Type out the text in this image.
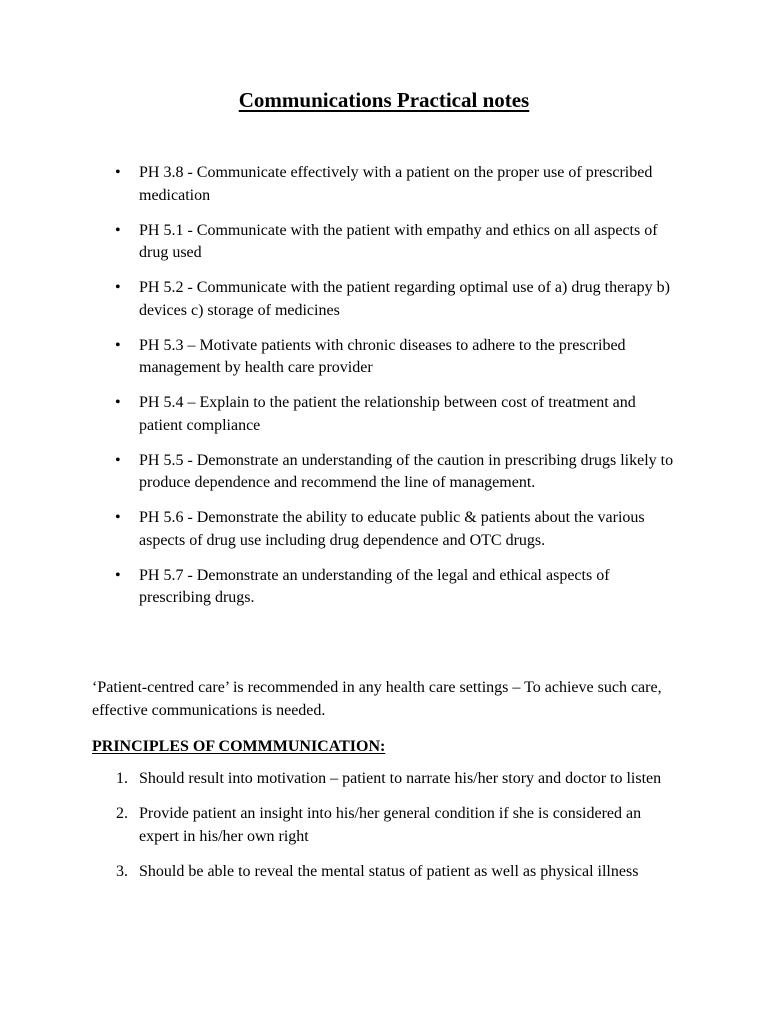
Communications Practical notes
• PH 3.8 - Communicate effectively with a patient on the proper use of prescribed medication
• PH 5.1 - Communicate with the patient with empathy and ethics on all aspects of drug used
• PH 5.2 - Communicate with the patient regarding optimal use of a) drug therapy b) devices c) storage of medicines
• PH 5.3 – Motivate patients with chronic diseases to adhere to the prescribed management by health care provider
• PH 5.4 – Explain to the patient the relationship between cost of treatment and patient compliance
• PH 5.5 - Demonstrate an understanding of the caution in prescribing drugs likely to produce dependence and recommend the line of management.
• PH 5.6 - Demonstrate the ability to educate public & patients about the various aspects of drug use including drug dependence and OTC drugs.
• PH 5.7 - Demonstrate an understanding of the legal and ethical aspects of prescribing drugs.

‘Patient-centred care’ is recommended in any health care settings – To achieve such care, effective communications is needed.

PRINCIPLES OF COMMMUNICATION:
1. Should result into motivation – patient to narrate his/her story and doctor to listen
2. Provide patient an insight into his/her general condition if she is considered an expert in his/her own right
3. Should be able to reveal the mental status of patient as well as physical illness
